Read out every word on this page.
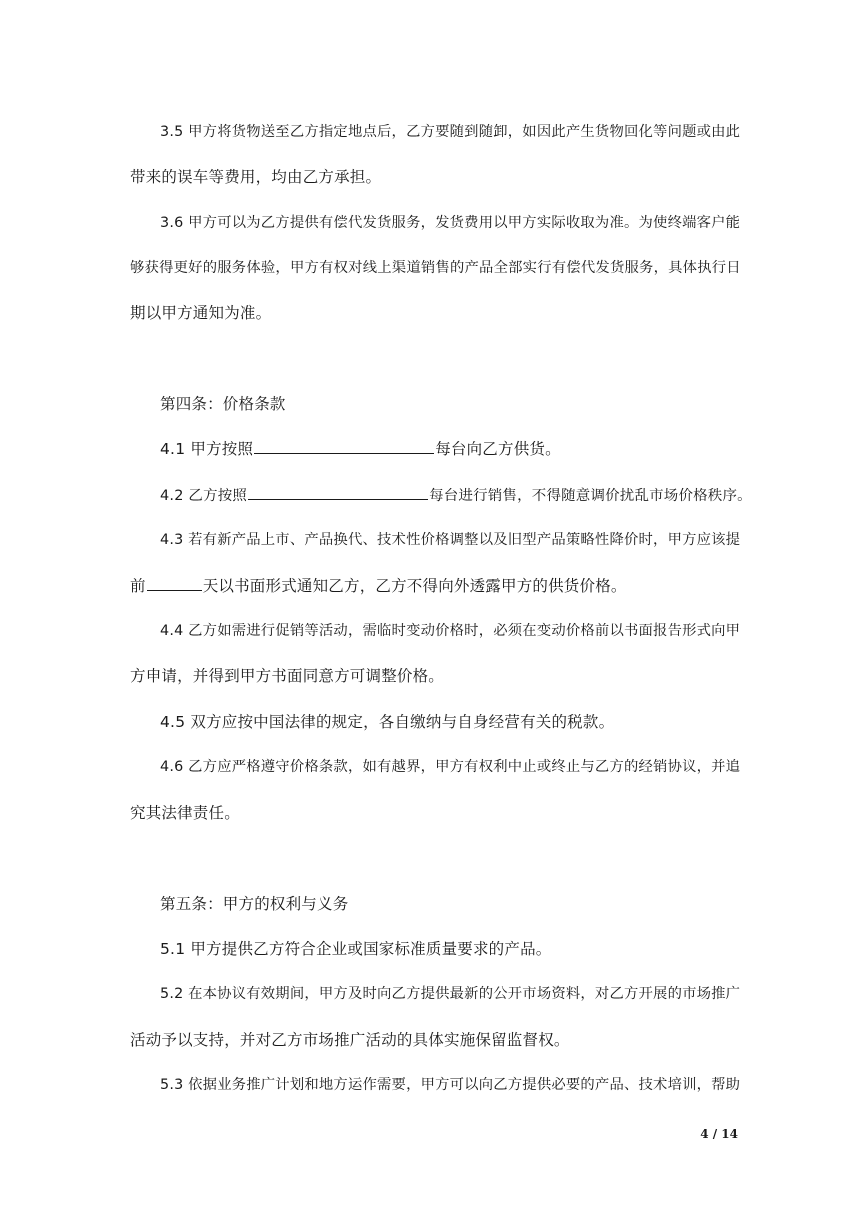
3.5 甲方将货物送至乙方指定地点后，乙方要随到随卸，如因此产生货物回化等问题或由此
带来的误车等费用，均由乙方承担。
3.6 甲方可以为乙方提供有偿代发货服务，发货费用以甲方实际收取为准。为使终端客户能
够获得更好的服务体验，甲方有权对线上渠道销售的产品全部实行有偿代发货服务，具体执行日
期以甲方通知为准。
第四条：价格条款
4.1 甲方按照	每台向乙方供货。
4.2 乙方按照	每台进行销售，不得随意调价扰乱市场价格秩序。
4.3 若有新产品上市、产品换代、技术性价格调整以及旧型产品策略性降价时，甲方应该提
前	天以书面形式通知乙方，乙方不得向外透露甲方的供货价格。
4.4 乙方如需进行促销等活动，需临时变动价格时，必须在变动价格前以书面报告形式向甲
方申请，并得到甲方书面同意方可调整价格。
4.5 双方应按中国法律的规定，各自缴纳与自身经营有关的税款。
4.6 乙方应严格遵守价格条款，如有越界，甲方有权利中止或终止与乙方的经销协议，并追
究其法律责任。
第五条：甲方的权利与义务
5.1 甲方提供乙方符合企业或国家标准质量要求的产品。
5.2 在本协议有效期间，甲方及时向乙方提供最新的公开市场资料，对乙方开展的市场推广
活动予以支持，并对乙方市场推广活动的具体实施保留监督权。
5.3 依据业务推广计划和地方运作需要，甲方可以向乙方提供必要的产品、技术培训，帮助
4 / 14
